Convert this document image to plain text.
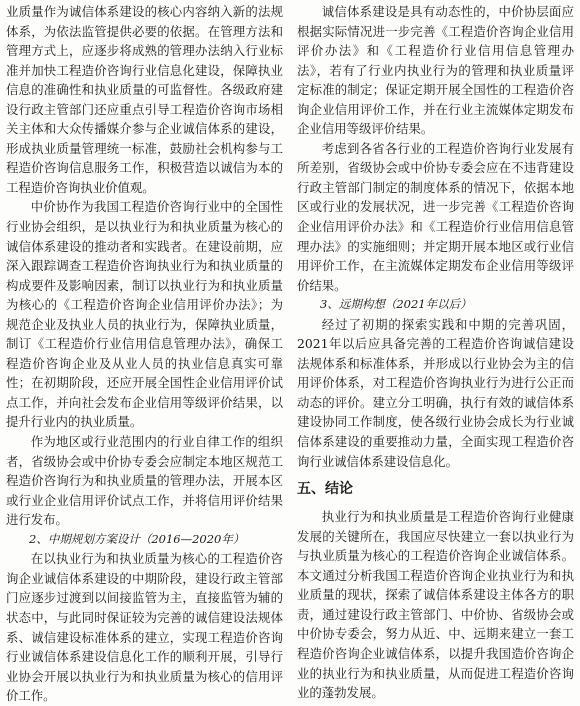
业质量作为诚信体系建设的核心内容纳入新的法规体系，为依法监管提供必要的依据。在管理方法和管理方式上，应逐步将成熟的管理办法纳入行业标准并加快工程造价咨询行业信息化建设，保障执业信息的准确性和执业质量的可监督性。各级政府建设行政主管部门还应重点引导工程造价咨询市场相关主体和大众传播媒介参与企业诚信体系的建设，形成执业质量管理统一标准，鼓励社会机构参与工程造价咨询信息服务工作，积极营造以诚信为本的工程造价咨询执业价值观。

中价协作为我国工程造价咨询行业中的全国性行业协会组织，是以执业行为和执业质量为核心的诚信体系建设的推动者和实践者。在建设前期，应深入跟踪调查工程造价咨询执业行为和执业质量的构成要件及影响因素，制订以执业行为和执业质量为核心的《工程造价咨询企业信用评价办法》；为规范企业及执业人员的执业行为，保障执业质量，制订《工程造价行业信用信息管理办法》，确保工程造价咨询企业及从业人员的执业信息真实可靠性；在初期阶段，还应开展全国性企业信用评价试点工作，并向社会发布企业信用等级评价结果，以提升行业内的执业质量。

作为地区或行业范围内的行业自律工作的组织者，省级协会或中价协专委会应制定本地区规范工程造价咨询行为和执业质量的管理办法，开展本区或行业企业信用评价试点工作，并将信用评价结果进行发布。

2、中期规划方案设计（2016—2020年）

在以执业行为和执业质量为核心的工程造价咨询企业诚信体系建设的中期阶段，建设行政主管部门应逐步过渡到以间接监管为主，直接监管为辅的状态中，与此同时保证较为完善的诚信建设法规体系、诚信建设标准体系的建立，实现工程造价咨询行业诚信体系建设信息化工作的顺利开展，引导行业协会开展以执业行为和执业质量为核心的信用评价工作。

诚信体系建设是具有动态性的，中价协层面应根据实际情况进一步完善《工程造价咨询企业信用评价办法》和《工程造价行业信用信息管理办法》，若有了行业内执业行为的管理和执业质量评定标准的制定；保证定期开展全国性的工程造价咨询企业信用评价工作，并在行业主流媒体定期发布企业信用等级评价结果。

考虑到各省各行业的工程造价咨询行业发展有所差别，省级协会或中价协专委会应在不违背建设行政主管部门制定的制度体系的情况下，依据本地区或行业的发展状况，进一步完善《工程造价咨询企业信用评价办法》和《工程造价行业信用信息管理办法》的实施细则；并定期开展本地区或行业信用评价工作，在主流媒体定期发布企业信用等级评价结果。

3、远期构想（2021年以后）

经过了初期的探索实践和中期的完善巩固，2021年以后应具备完善的工程造价咨询诚信建设法规体系和标准体系，并形成以行业协会为主的信用评价体系，对工程造价咨询执业行为进行公正而动态的评价。建立分工明确，执行有效的诚信体系建设协同工作制度，使各级行业协会成长为行业诚信体系建设的重要推动力量，全面实现工程造价咨询行业诚信体系建设信息化。

五、结论

执业行为和执业质量是工程造价咨询行业健康发展的关键所在，我国应尽快建立一套以执业行为与执业质量为核心的工程造价咨询企业诚信体系。本文通过分析我国工程造价咨询企业执业行为和执业质量的现状，探索了诚信体系建设主体各方的职责，通过建设行政主管部门、中价协、省级协会或中价协专委会，努力从近、中、远期来建立一套工程造价咨询企业诚信体系，以提升我国造价咨询企业的执业行为和执业质量，从而促进工程造价咨询业的蓬勃发展。
